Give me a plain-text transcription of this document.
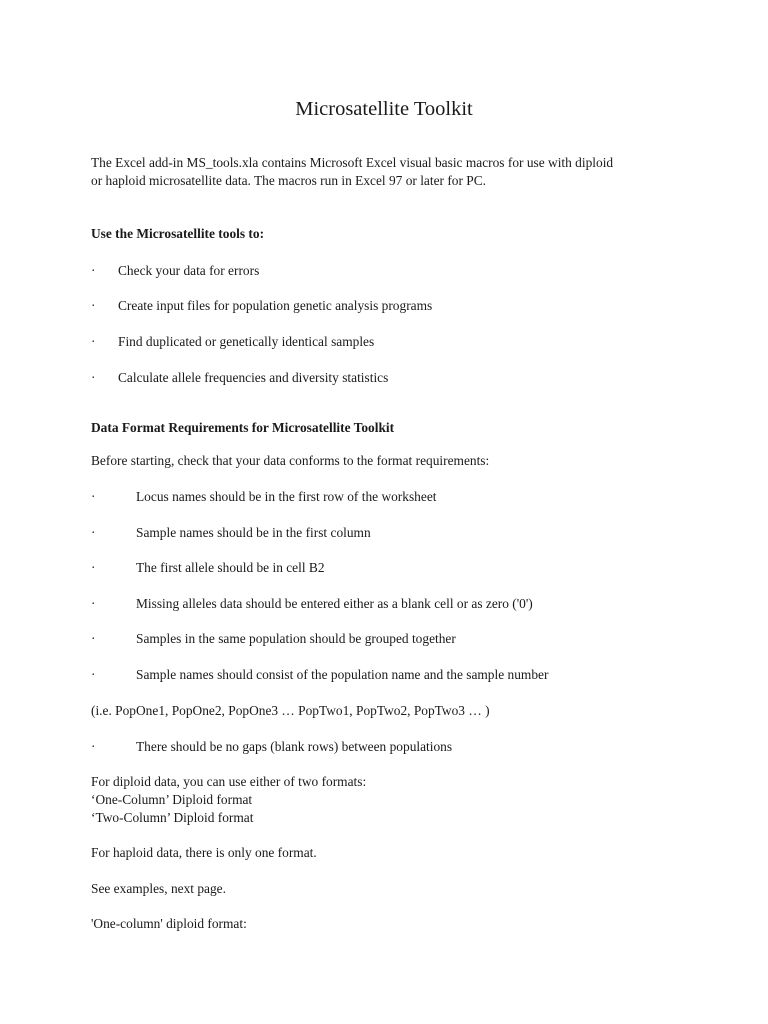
Microsatellite Toolkit

The Excel add-in MS_tools.xla contains Microsoft Excel visual basic macros for use with diploid

or haploid microsatellite data. The macros run in Excel 97 or later for PC.

Use the Microsatellite tools to:

· Check your data for errors
· Create input files for population genetic analysis programs
· Find duplicated or genetically identical samples
· Calculate allele frequencies and diversity statistics

Data Format Requirements for Microsatellite Toolkit

Before starting, check that your data conforms to the format requirements:

·	Locus names should be in the first row of the worksheet
·	Sample names should be in the first column
·	The first allele should be in cell B2
·	Missing alleles data should be entered either as a blank cell or as zero ('0')
·	Samples in the same population should be grouped together
·	Sample names should consist of the population name and the sample number

(i.e. PopOne1, PopOne2, PopOne3 … PopTwo1, PopTwo2, PopTwo3 … )

·	There should be no gaps (blank rows) between populations

For diploid data, you can use either of two formats:

‘One-Column’ Diploid format

‘Two-Column’ Diploid format

For haploid data, there is only one format.

See examples, next page.

'One-column' diploid format:
